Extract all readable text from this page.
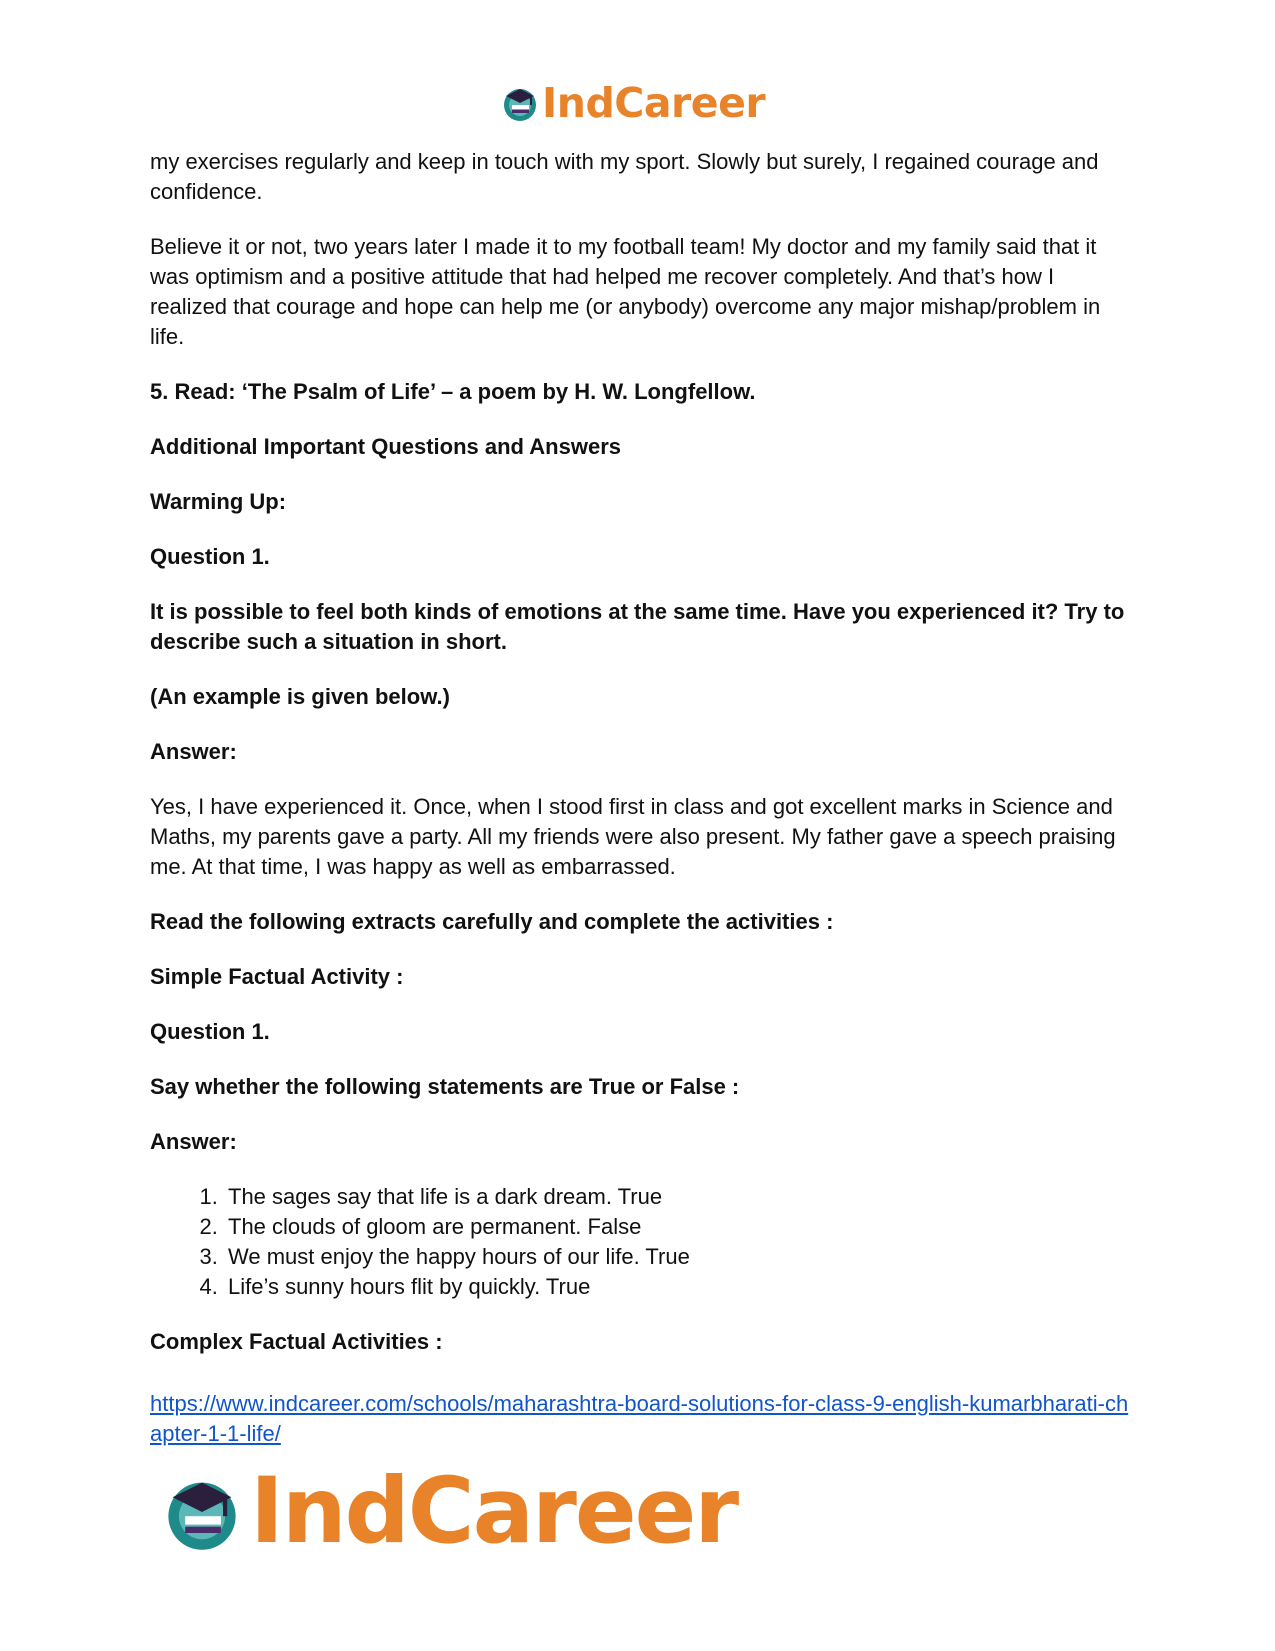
IndCareer

my exercises regularly and keep in touch with my sport. Slowly but surely, I regained courage and confidence.

Believe it or not, two years later I made it to my football team! My doctor and my family said that it was optimism and a positive attitude that had helped me recover completely. And that’s how I realized that courage and hope can help me (or anybody) overcome any major mishap/problem in life.

5. Read: ‘The Psalm of Life’ – a poem by H. W. Longfellow.

Additional Important Questions and Answers

Warming Up:

Question 1.

It is possible to feel both kinds of emotions at the same time. Have you experienced it? Try to describe such a situation in short.

(An example is given below.)

Answer:

Yes, I have experienced it. Once, when I stood first in class and got excellent marks in Science and Maths, my parents gave a party. All my friends were also present. My father gave a speech praising me. At that time, I was happy as well as embarrassed.

Read the following extracts carefully and complete the activities :

Simple Factual Activity :

Question 1.

Say whether the following statements are True or False :

Answer:

1. The sages say that life is a dark dream. True
2. The clouds of gloom are permanent. False
3. We must enjoy the happy hours of our life. True
4. Life’s sunny hours flit by quickly. True

Complex Factual Activities :

https://www.indcareer.com/schools/maharashtra-board-solutions-for-class-9-english-kumarbharati-chapter-1-1-life/

IndCareer
